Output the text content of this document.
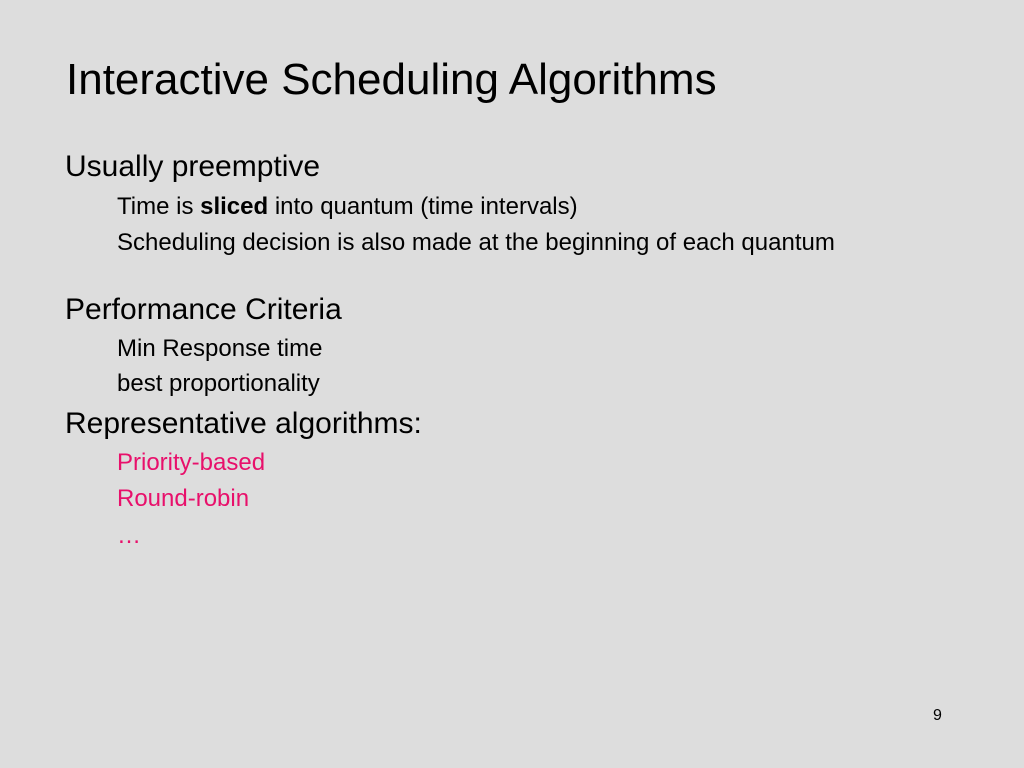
Interactive Scheduling Algorithms
Usually preemptive
Time is sliced into quantum (time intervals)
Scheduling decision is also made at the beginning of each quantum
Performance Criteria
Min Response time
best proportionality
Representative algorithms:
Priority-based
Round-robin
…
9
